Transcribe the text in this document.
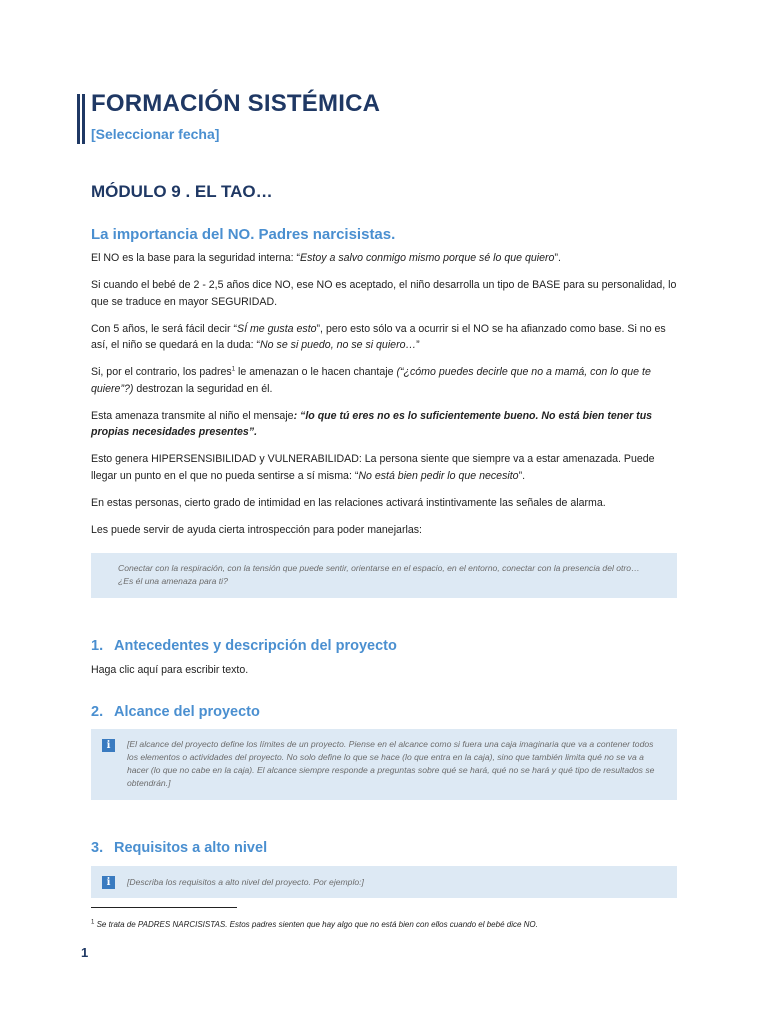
FORMACIÓN SISTÉMICA

[Seleccionar fecha]

MÓDULO 9 . EL TAO…
La importancia del NO. Padres narcisistas.

El NO es la base para la seguridad interna: “Estoy a salvo conmigo mismo porque sé lo que quiero”.

Si cuando el bebé de 2 - 2,5 años dice NO, ese NO es aceptado, el niño desarrolla un tipo de BASE para su personalidad, lo que se traduce en mayor SEGURIDAD.

Con 5 años, le será fácil decir “SÍ me gusta esto”, pero esto sólo va a ocurrir si el NO se ha afianzado como base. Si no es así, el niño se quedará en la duda: “No se si puedo, no se si quiero…”

Si, por el contrario, los padres$^1$ le amenazan o le hacen chantaje (“¿cómo puedes decirle que no a mamá, con lo que te quiere”?) destrozan la seguridad en él.

Esta amenaza transmite al niño el mensaje: “lo que tú eres no es lo suficientemente bueno. No está bien tener tus propias necesidades presentes”.

Esto genera HIPERSENSIBILIDAD y VULNERABILIDAD: La persona siente que siempre va a estar amenazada. Puede llegar un punto en el que no pueda sentirse a sí misma: “No está bien pedir lo que necesito”.

En estas personas, cierto grado de intimidad en las relaciones activará instintivamente las señales de alarma.

Les puede servir de ayuda cierta introspección para poder manejarlas:

Conectar con la respiración, con la tensión que puede sentir, orientarse en el espacio, en el entorno, conectar con la presencia del otro… ¿Es él una amenaza para ti?
1. Antecedentes y descripción del proyecto

Haga clic aquí para escribir texto.

2. Alcance del proyecto
i	[El alcance del proyecto define los límites de un proyecto. Piense en el alcance como si fuera una caja imaginaria que va a contener todos los elementos o actividades del proyecto. No solo define lo que se hace (lo que entra en la caja), sino que también limita qué no se va a hacer (lo que no cabe en la caja). El alcance siempre responde a preguntas sobre qué se hará, qué no se hará y qué tipo de resultados se obtendrán.]
3. Requisitos a alto nivel
i	[Describa los requisitos a alto nivel del proyecto. Por ejemplo:]

$^1$ Se trata de PADRES NARCISISTAS. Estos padres sienten que hay algo que no está bien con ellos cuando el bebé dice NO.

1
